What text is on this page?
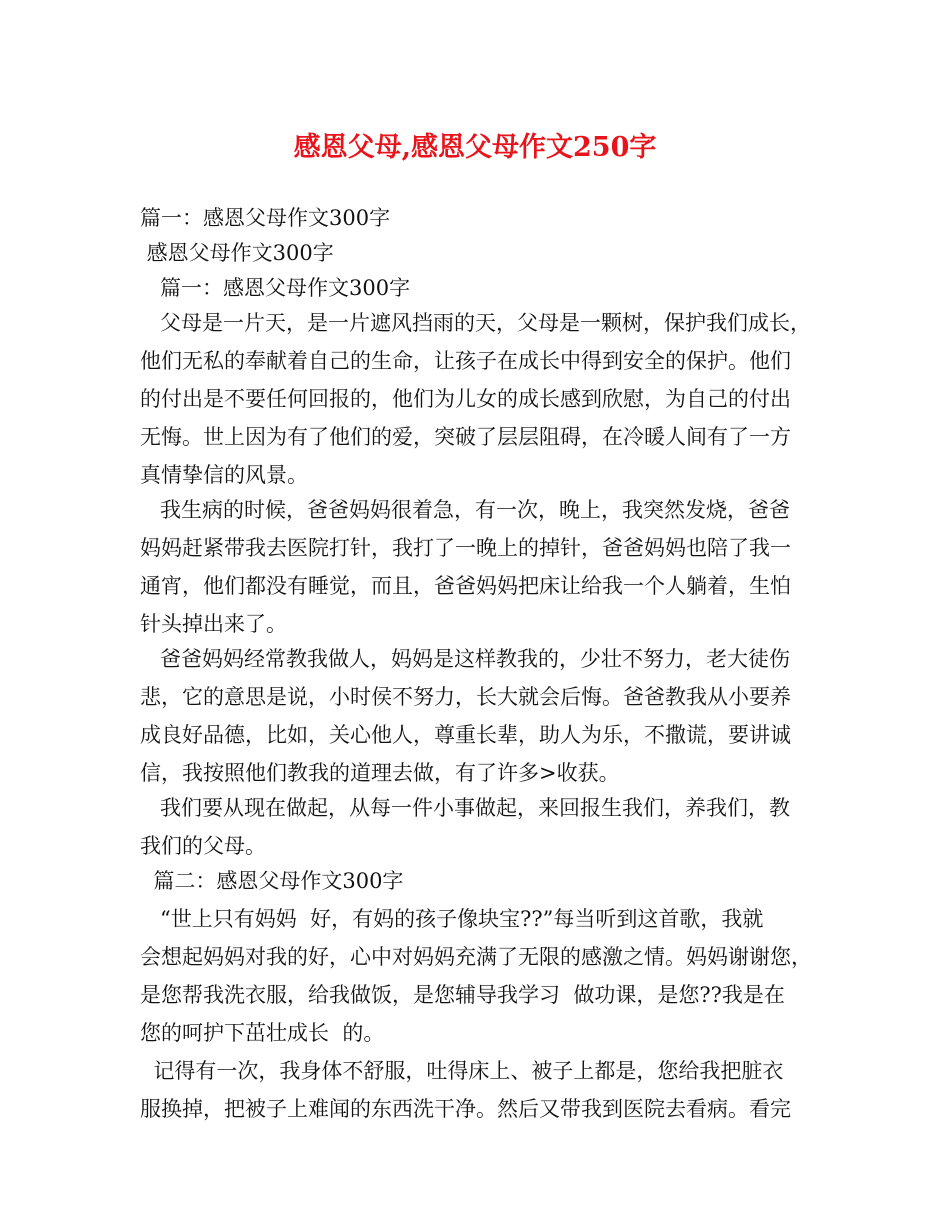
感恩父母,感恩父母作文250字
篇一：感恩父母作文300字
感恩父母作文300字
篇一：感恩父母作文300字
父母是一片天，是一片遮风挡雨的天，父母是一颗树，保护我们成长，
他们无私的奉献着自己的生命，让孩子在成长中得到安全的保护。他们
的付出是不要任何回报的，他们为儿女的成长感到欣慰，为自己的付出
无悔。世上因为有了他们的爱，突破了层层阻碍，在冷暖人间有了一方
真情挚信的风景。
我生病的时候，爸爸妈妈很着急，有一次，晚上，我突然发烧，爸爸
妈妈赶紧带我去医院打针，我打了一晚上的掉针，爸爸妈妈也陪了我一
通宵，他们都没有睡觉，而且，爸爸妈妈把床让给我一个人躺着，生怕
针头掉出来了。
爸爸妈妈经常教我做人，妈妈是这样教我的，少壮不努力，老大徒伤
悲，它的意思是说，小时侯不努力，长大就会后悔。爸爸教我从小要养
成良好品德，比如，关心他人，尊重长辈，助人为乐，不撒谎，要讲诚
信，我按照他们教我的道理去做，有了许多>收获。
我们要从现在做起，从每一件小事做起，来回报生我们，养我们，教
我们的父母。
篇二：感恩父母作文300字
“世上只有妈妈  好，有妈的孩子像块宝??”每当听到这首歌，我就
会想起妈妈对我的好，心中对妈妈充满了无限的感激之情。妈妈谢谢您，
是您帮我洗衣服，给我做饭，是您辅导我学习  做功课，是您??我是在
您的呵护下茁壮成长  的。
记得有一次，我身体不舒服，吐得床上、被子上都是，您给我把脏衣
服换掉，把被子上难闻的东西洗干净。然后又带我到医院去看病。看完
